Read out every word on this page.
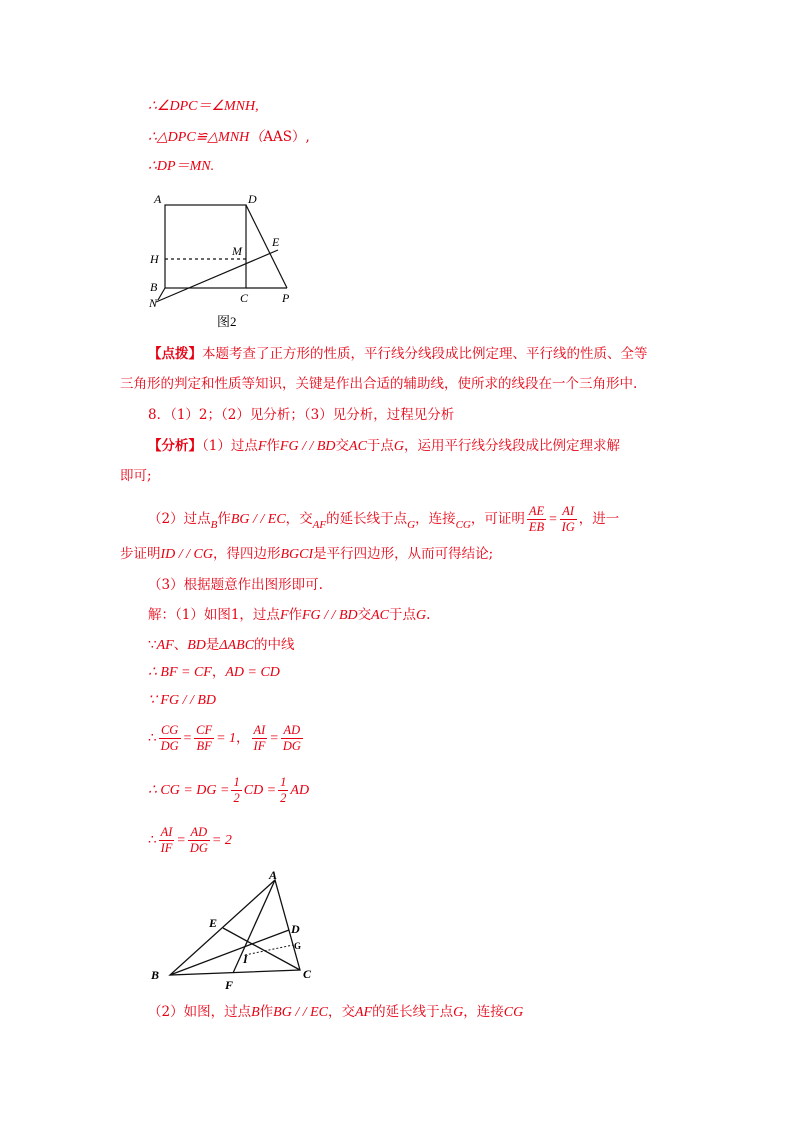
∴∠DPC＝∠MNH,
∴△DPC≌△MNH（AAS）,
∴DP＝MN.
A	D
E
H
M
B
N	C	P
图2
【点拨】本题考查了正方形的性质，平行线分线段成比例定理、平行线的性质、全等
三角形的判定和性质等知识，关键是作出合适的辅助线，使所求的线段在一个三角形中.
8．（1）2；（2）见分析；（3）见分析，过程见分析
【分析】（1）过点F作FG / / BD交AC于点G，运用平行线分线段成比例定理求解
即可;
（2）过点$_B$作BG / / EC，交$_{AF}$的延长线于点$_G$，连接$_{CG}$，可证明 $\frac{AE}{EB} = \frac{AI}{IG}$ ，进一
步证明ID / / CG，得四边形BGCI是平行四边形，从而可得结论;
（3）根据题意作出图形即可.
解：（1）如图1，过点F作FG / / BD交AC于点G.
∵AF、BD是ΔABC的中线
∴ BF = CF，AD = CD
∵ FG / / BD
∴ $\frac{CG}{DG} = \frac{CF}{BF} = 1$， $\frac{AI}{IF} = \frac{AD}{DG}$
∴ CG = DG = $\frac{1}{2}$ CD = $\frac{1}{2}$ AD
∴ $\frac{AI}{IF} = \frac{AD}{DG} = 2$
A
E	D
G
I
B
F
C
（2）如图，过点B作BG / / EC，交AF的延长线于点G，连接CG
